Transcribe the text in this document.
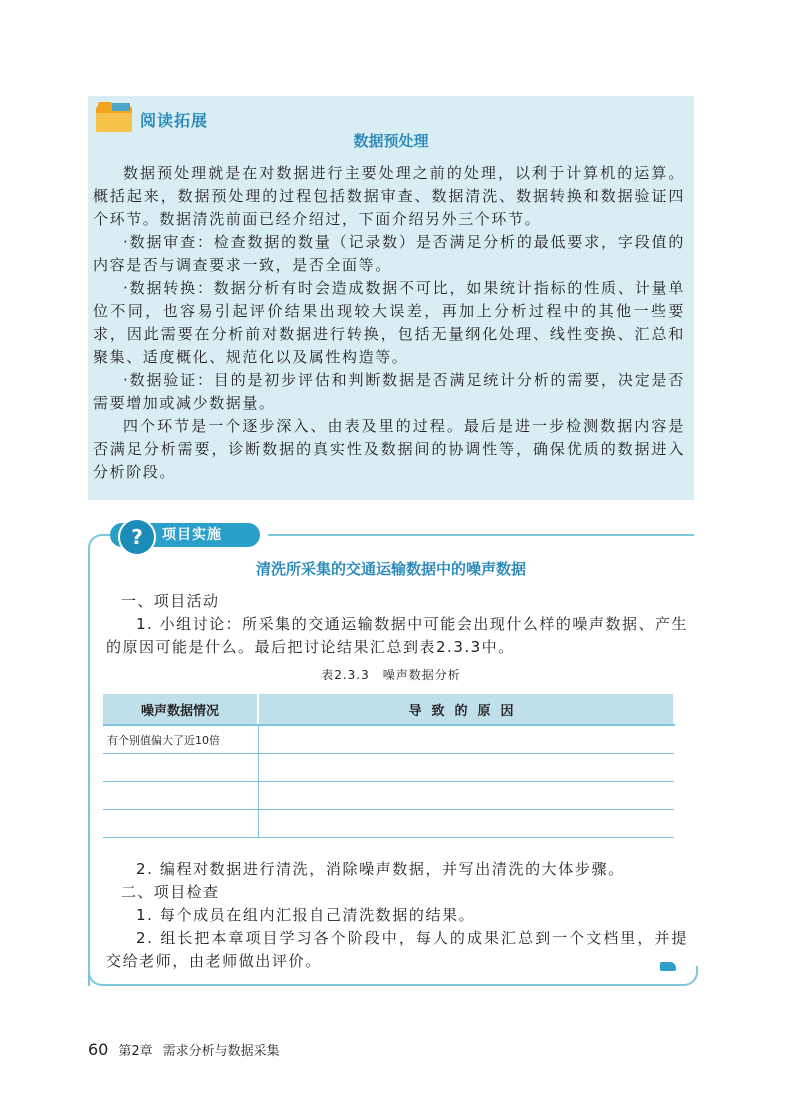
阅读拓展
数据预处理

数据预处理就是在对数据进行主要处理之前的处理，以利于计算机的运算。概括起来，数据预处理的过程包括数据审查、数据清洗、数据转换和数据验证四个环节。数据清洗前面已经介绍过，下面介绍另外三个环节。

·数据审查：检查数据的数量（记录数）是否满足分析的最低要求，字段值的内容是否与调查要求一致，是否全面等。

·数据转换：数据分析有时会造成数据不可比，如果统计指标的性质、计量单位不同，也容易引起评价结果出现较大误差，再加上分析过程中的其他一些要求，因此需要在分析前对数据进行转换，包括无量纲化处理、线性变换、汇总和聚集、适度概化、规范化以及属性构造等。

·数据验证：目的是初步评估和判断数据是否满足统计分析的需要，决定是否需要增加或减少数据量。

四个环节是一个逐步深入、由表及里的过程。最后是进一步检测数据内容是否满足分析需要，诊断数据的真实性及数据间的协调性等，确保优质的数据进入分析阶段。

?	项目实施
清洗所采集的交通运输数据中的噪声数据

一、项目活动

1. 小组讨论：所采集的交通运输数据中可能会出现什么样的噪声数据、产生的原因可能是什么。最后把讨论结果汇总到表2.3.3中。

表2.3.3　噪声数据分析
噪声数据情况	导致的原因
有个别值偏大了近10倍	

2. 编程对数据进行清洗，消除噪声数据，并写出清洗的大体步骤。

二、项目检查

1. 每个成员在组内汇报自己清洗数据的结果。

2. 组长把本章项目学习各个阶段中，每人的成果汇总到一个文档里，并提交给老师，由老师做出评价。

60 第2章 需求分析与数据采集
